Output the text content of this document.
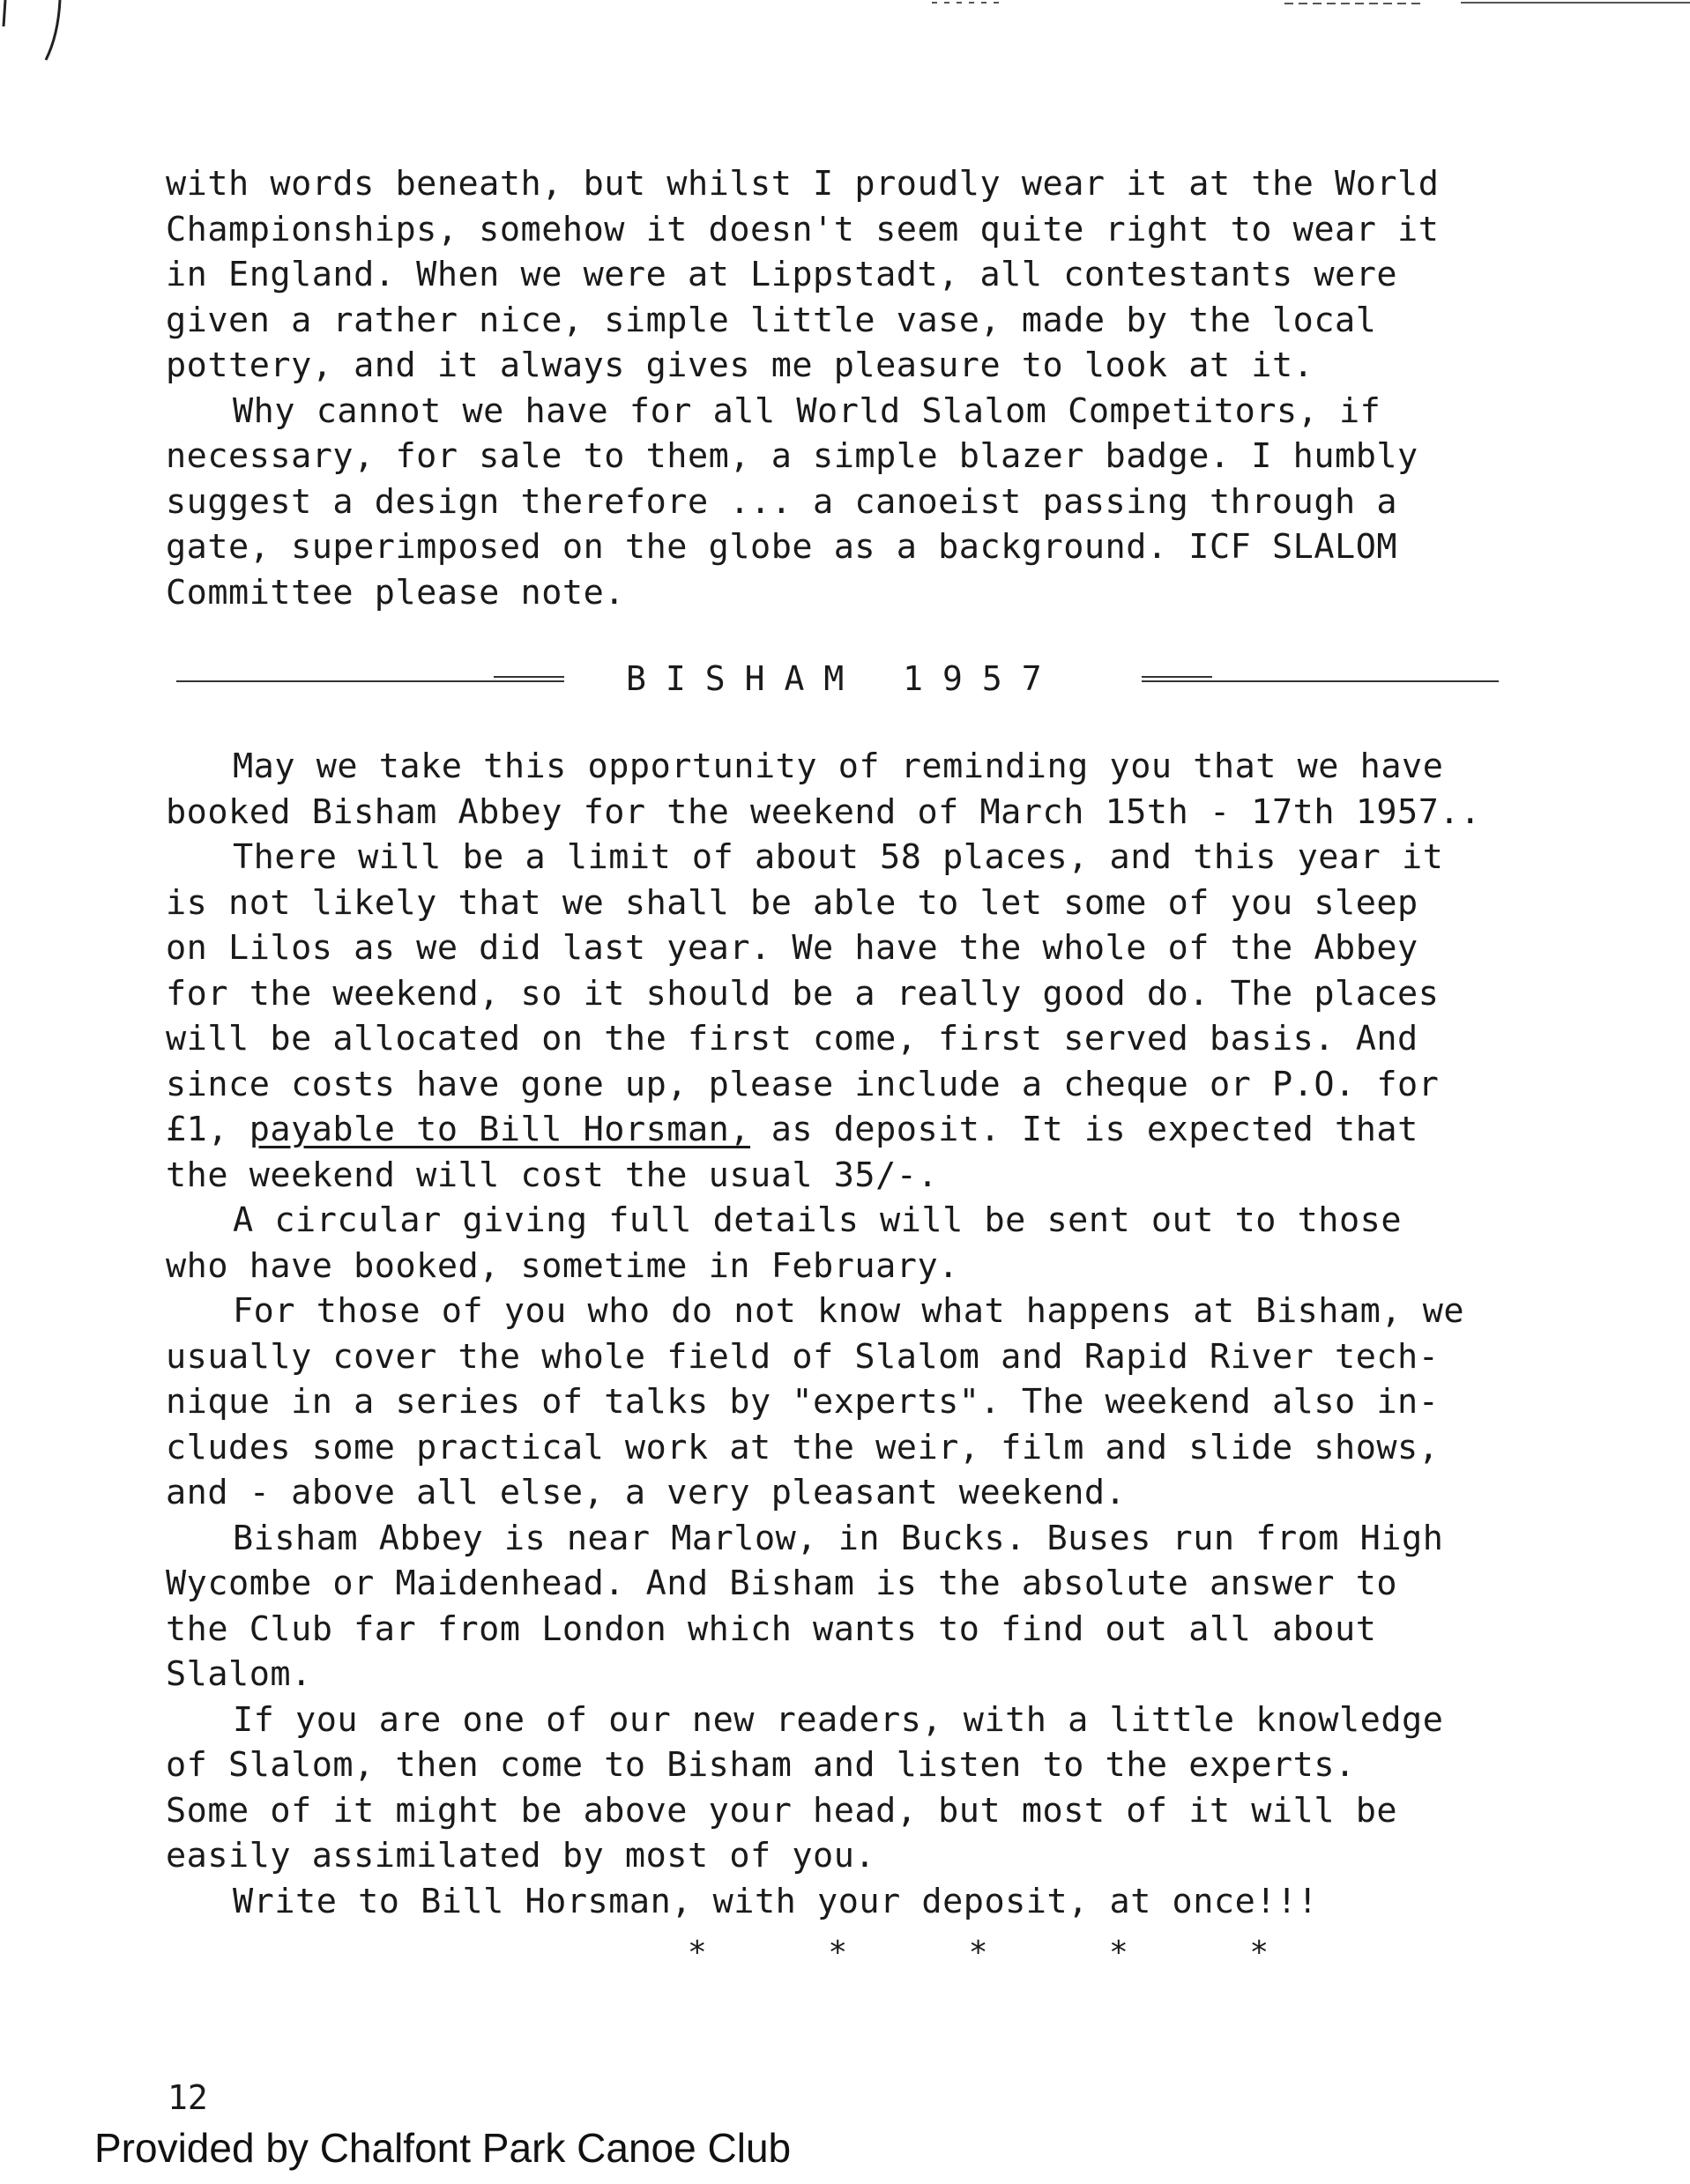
with words beneath, but whilst I proudly wear it at the World
Championships, somehow it doesn't seem quite right to wear it
in England. When we were at Lippstadt, all contestants were
given a rather nice, simple little vase, made by the local
pottery, and it always gives me pleasure to look at it.
Why cannot we have for all World Slalom Competitors, if
necessary, for sale to them, a simple blazer badge. I humbly
suggest a design therefore ... a canoeist passing through a
gate, superimposed on the globe as a background. ICF SLALOM
Committee please note.
BISHAM 1957
May we take this opportunity of reminding you that we have
booked Bisham Abbey for the weekend of March 15th - 17th 1957..
There will be a limit of about 58 places, and this year it
is not likely that we shall be able to let some of you sleep
on Lilos as we did last year. We have the whole of the Abbey
for the weekend, so it should be a really good do. The places
will be allocated on the first come, first served basis. And
since costs have gone up, please include a cheque or P.O. for
£1, payable to Bill Horsman, as deposit. It is expected that
the weekend will cost the usual 35/-.
A circular giving full details will be sent out to those
who have booked, sometime in February.
For those of you who do not know what happens at Bisham, we
usually cover the whole field of Slalom and Rapid River tech-
nique in a series of talks by "experts". The weekend also in-
cludes some practical work at the weir, film and slide shows,
and - above all else, a very pleasant weekend.
Bisham Abbey is near Marlow, in Bucks. Buses run from High
Wycombe or Maidenhead. And Bisham is the absolute answer to
the Club far from London which wants to find out all about
Slalom.
If you are one of our new readers, with a little knowledge
of Slalom, then come to Bisham and listen to the experts.
Some of it might be above your head, but most of it will be
easily assimilated by most of you.
Write to Bill Horsman, with your deposit, at once!!!
* * * * *
12
Provided by Chalfont Park Canoe Club
